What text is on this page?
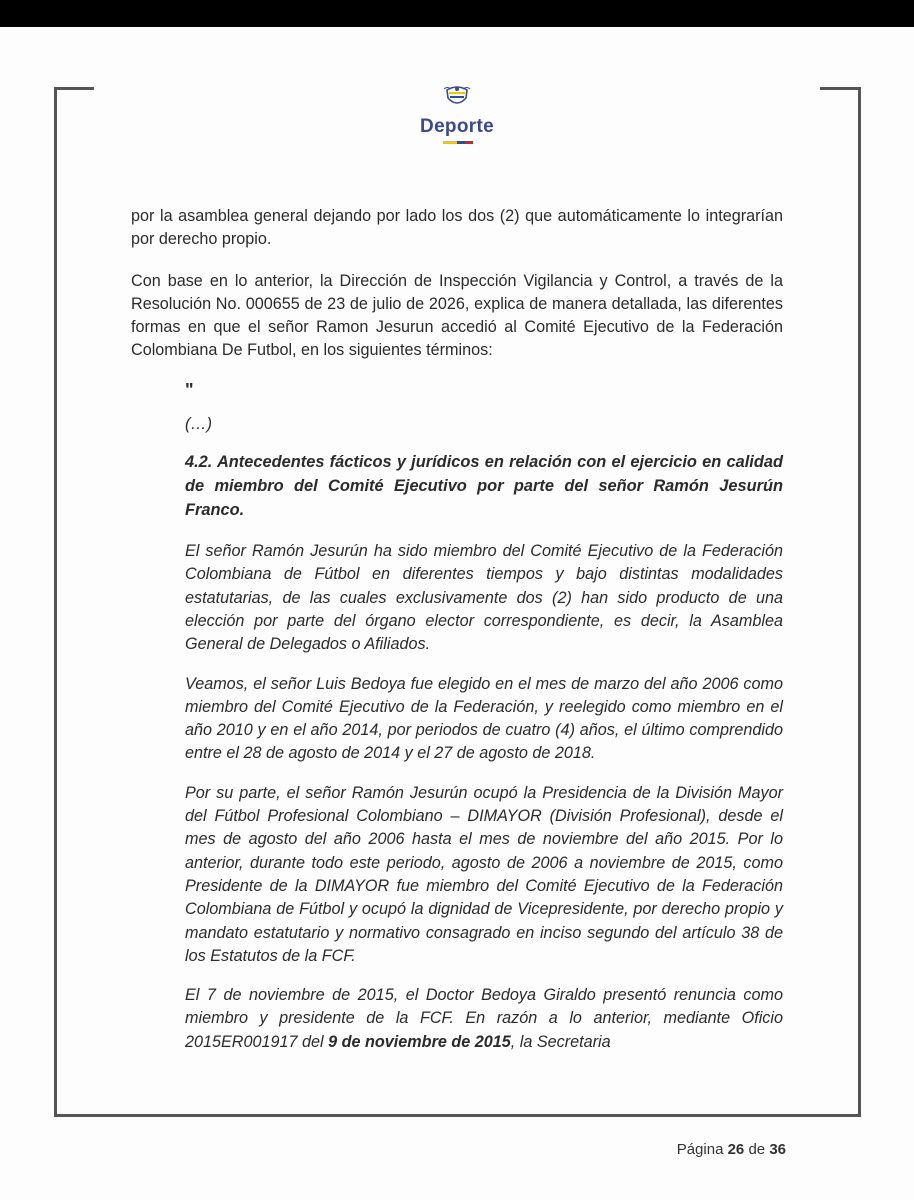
Deporte

por la asamblea general dejando por lado los dos (2) que automáticamente lo integrarían por derecho propio.

Con base en lo anterior, la Dirección de Inspección Vigilancia y Control, a través de la Resolución No. 000655 de 23 de julio de 2026, explica de manera detallada, las diferentes formas en que el señor Ramon Jesurun accedió al Comité Ejecutivo de la Federación Colombiana De Futbol, en los siguientes términos:

"

(…)

4.2. Antecedentes fácticos y jurídicos en relación con el ejercicio en calidad de miembro del Comité Ejecutivo por parte del señor Ramón Jesurún Franco.

El señor Ramón Jesurún ha sido miembro del Comité Ejecutivo de la Federación Colombiana de Fútbol en diferentes tiempos y bajo distintas modalidades estatutarias, de las cuales exclusivamente dos (2) han sido producto de una elección por parte del órgano elector correspondiente, es decir, la Asamblea General de Delegados o Afiliados.

Veamos, el señor Luis Bedoya fue elegido en el mes de marzo del año 2006 como miembro del Comité Ejecutivo de la Federación, y reelegido como miembro en el año 2010 y en el año 2014, por periodos de cuatro (4) años, el último comprendido entre el 28 de agosto de 2014 y el 27 de agosto de 2018.

Por su parte, el señor Ramón Jesurún ocupó la Presidencia de la División Mayor del Fútbol Profesional Colombiano – DIMAYOR (División Profesional), desde el mes de agosto del año 2006 hasta el mes de noviembre del año 2015. Por lo anterior, durante todo este periodo, agosto de 2006 a noviembre de 2015, como Presidente de la DIMAYOR fue miembro del Comité Ejecutivo de la Federación Colombiana de Fútbol y ocupó la dignidad de Vicepresidente, por derecho propio y mandato estatutario y normativo consagrado en inciso segundo del artículo 38 de los Estatutos de la FCF.

El 7 de noviembre de 2015, el Doctor Bedoya Giraldo presentó renuncia como miembro y presidente de la FCF. En razón a lo anterior, mediante Oficio 2015ER001917 del 9 de noviembre de 2015, la Secretaria

Página 26 de 36
